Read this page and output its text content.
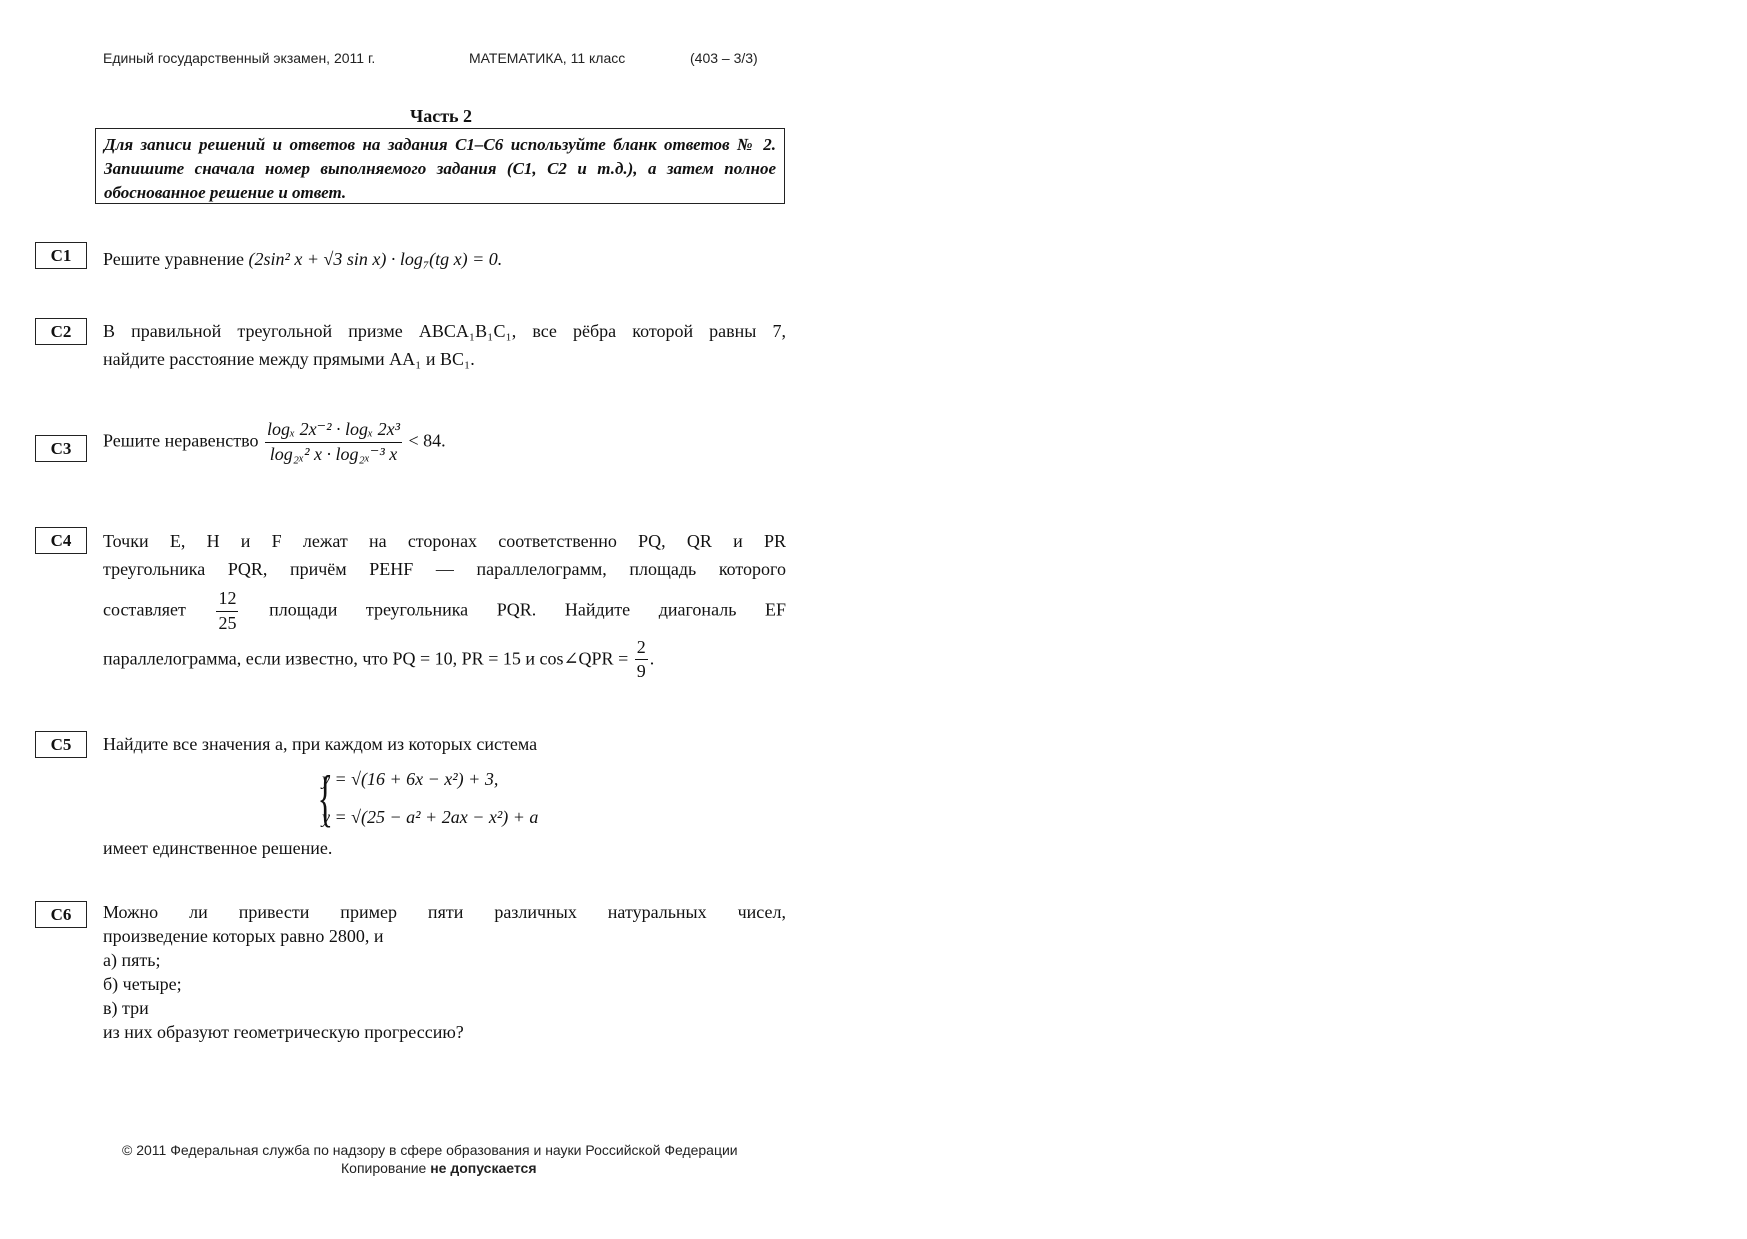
Единый государственный экзамен, 2011 г.	МАТЕМАТИКА, 11 класс	(403 – 3/3)
Часть 2
Для записи решений и ответов на задания С1–С6 используйте бланк ответов № 2. Запишите сначала номер выполняемого задания (С1, С2 и т.д.), а затем полное обоснованное решение и ответ.
C1	Решите уравнение (2sin² x + √3 sin x) · log₇(tg x) = 0.
C2	В правильной треугольной призме ABCA₁B₁C₁, все рёбра которой равны 7,
найдите расстояние между прямыми AA₁ и BC₁.
C3	Решите неравенство $\frac{\text{logₓ 2x⁻² · logₓ 2x³}}{\text{log₂ₓ² x · log₂ₓ⁻³ x}} < 84$.
C4	Точки E, H и F лежат на сторонах соответственно PQ, QR и PR
треугольника PQR, причём PEHF — параллелограмм, площадь которого
составляет $\frac{12}{25}$ площади треугольника PQR. Найдите диагональ EF
параллелограмма, если известно, что PQ = 10, PR = 15 и cos∠QPR = $\frac{2}{9}$ .
C5	Найдите все значения a, при каждом из которых система
{
y = √(16 + 6x − x²) + 3,
y = √(25 − a² + 2ax − x²) + a
имеет единственное решение.
C6	Можно ли привести пример пяти различных натуральных чисел,
произведение которых равно 2800, и
а) пять;
б) четыре;
в) три
из них образуют геометрическую прогрессию?
© 2011 Федеральная служба по надзору в сфере образования и науки Российской Федерации
Копирование не допускается
